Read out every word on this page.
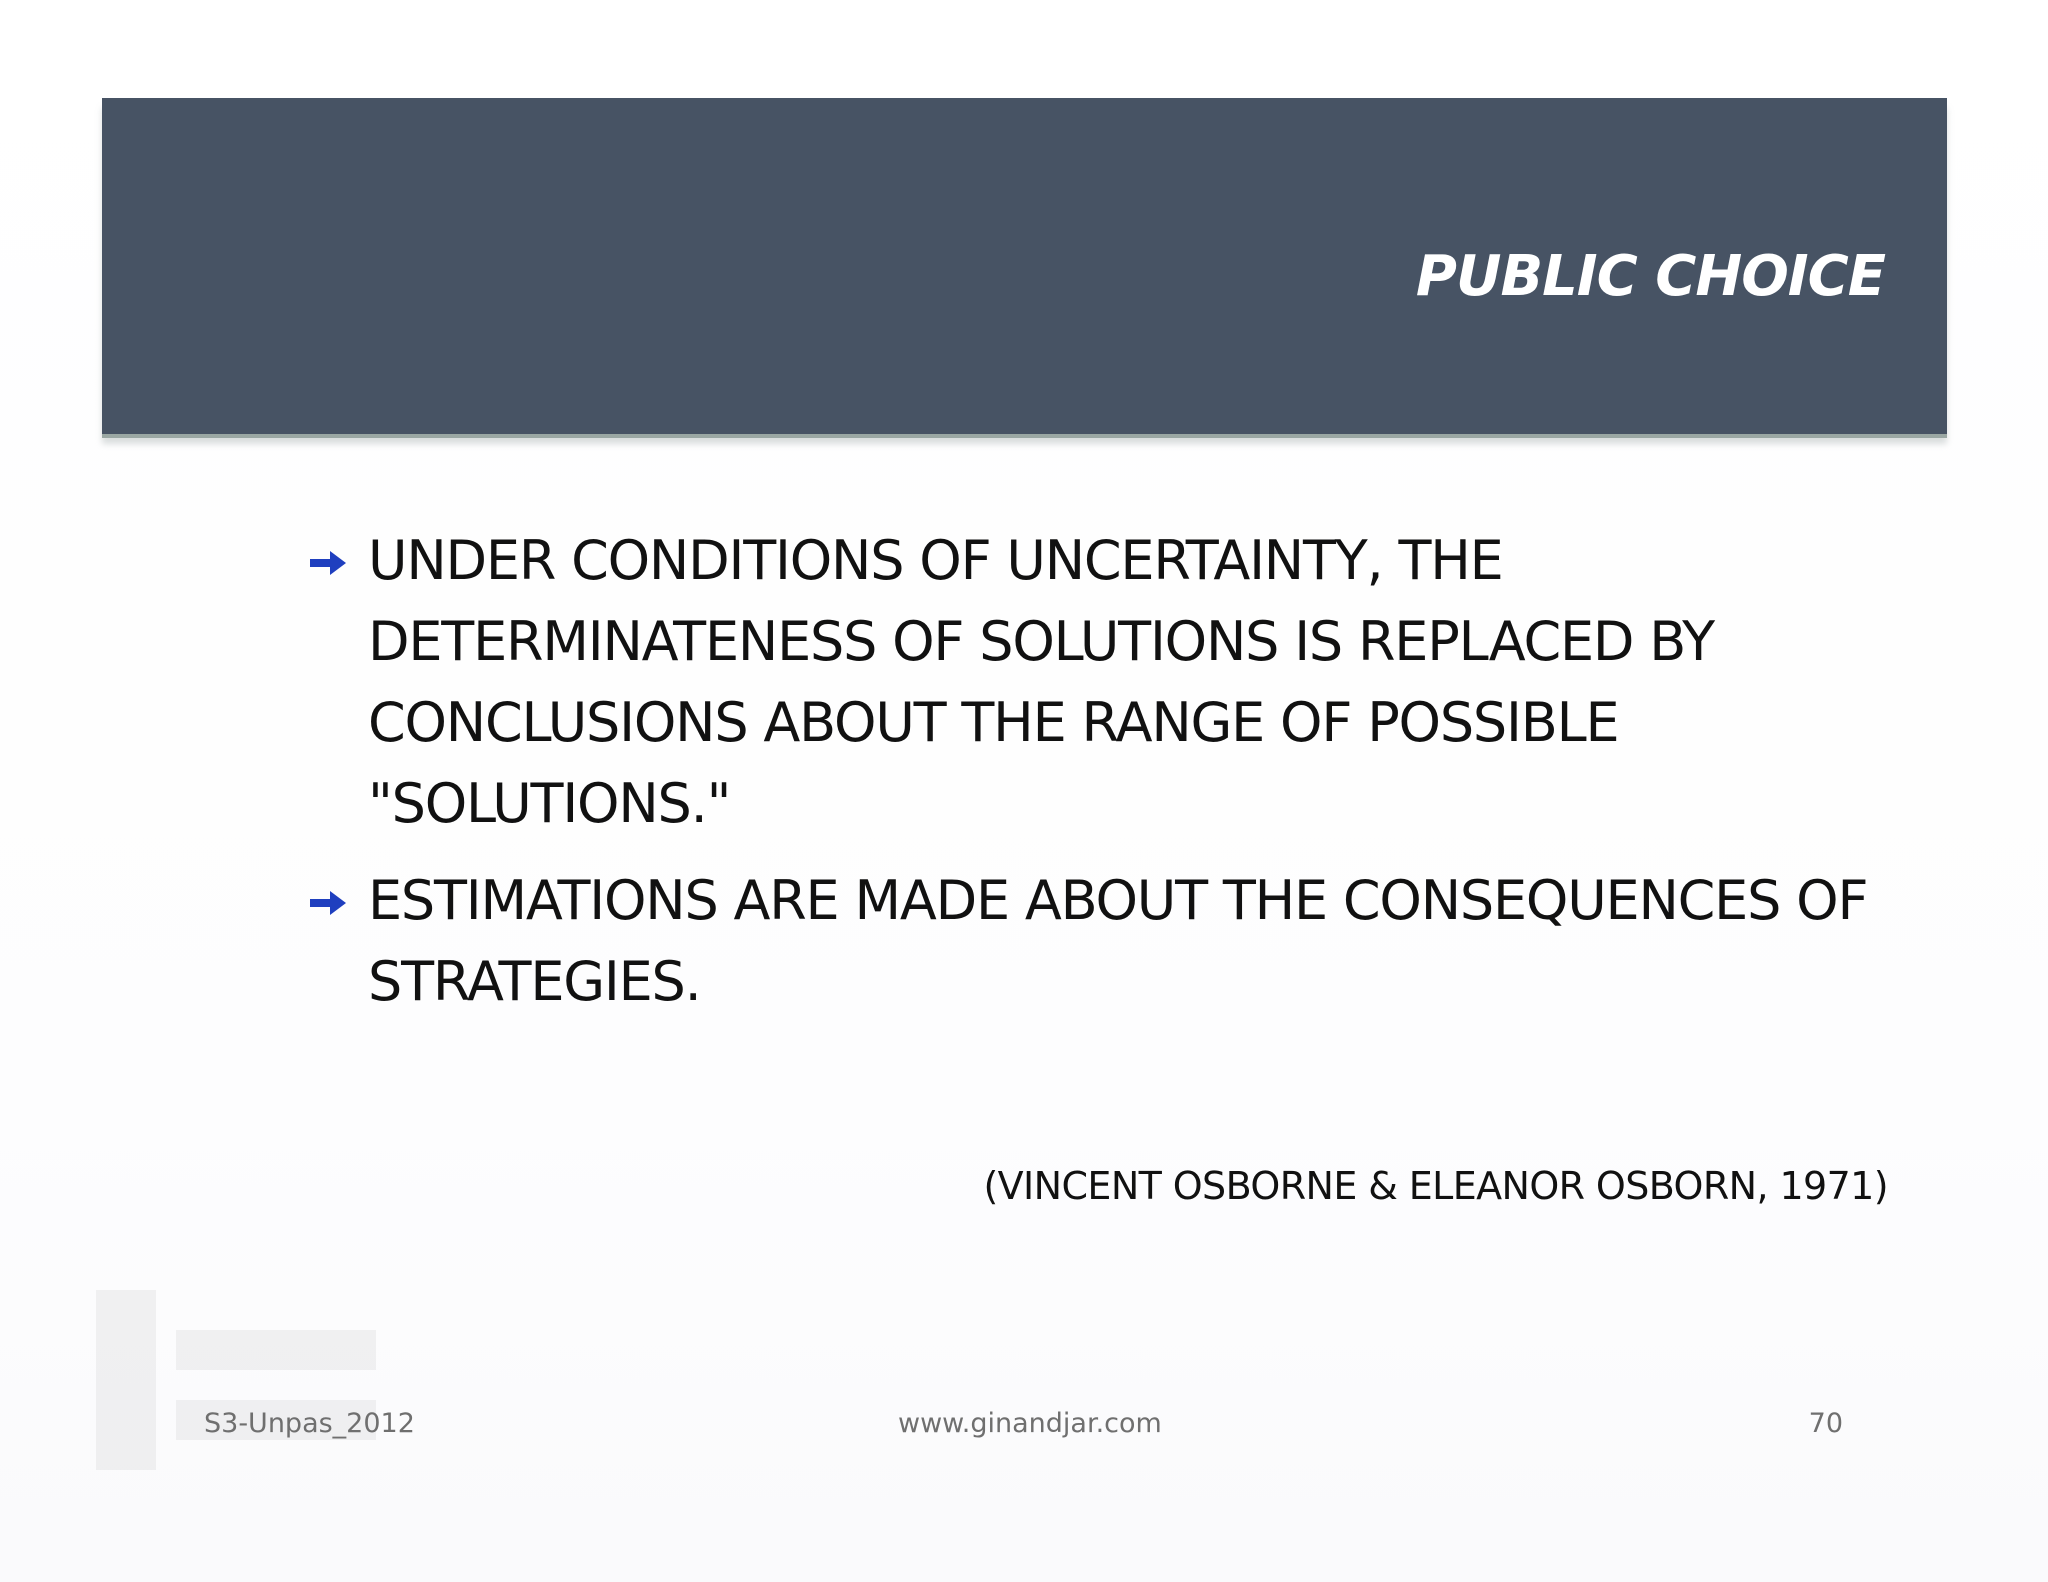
PUBLIC CHOICE
UNDER CONDITIONS OF UNCERTAINTY, THE DETERMINATENESS OF SOLUTIONS IS REPLACED BY CONCLUSIONS ABOUT THE RANGE OF POSSIBLE "SOLUTIONS."
ESTIMATIONS ARE MADE ABOUT THE CONSEQUENCES OF STRATEGIES.
(VINCENT OSBORNE & ELEANOR OSBORN, 1971)
S3-Unpas_2012	www.ginandjar.com	70
